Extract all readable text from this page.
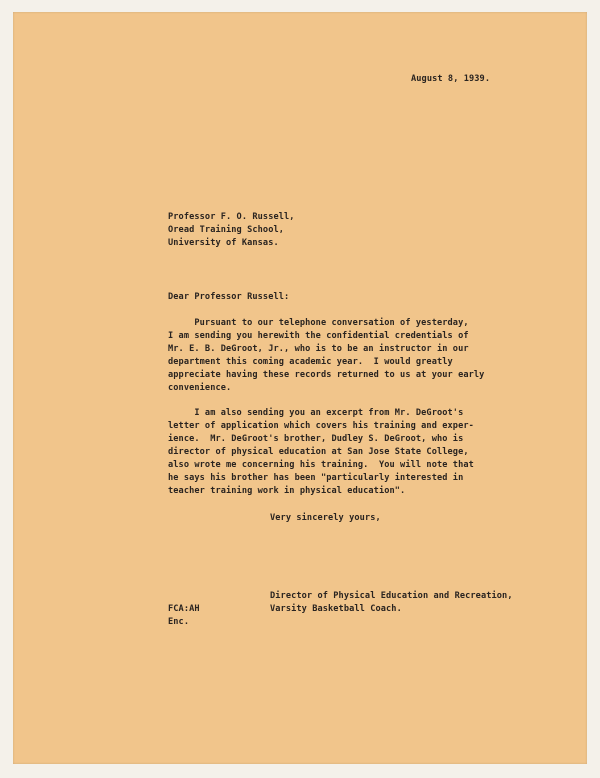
August 8, 1939.
Professor F. O. Russell,
Oread Training School,
University of Kansas.
Dear Professor Russell:
Pursuant to our telephone conversation of yesterday,
I am sending you herewith the confidential credentials of
Mr. E. B. DeGroot, Jr., who is to be an instructor in our
department this coming academic year.  I would greatly
appreciate having these records returned to us at your early
convenience.
I am also sending you an excerpt from Mr. DeGroot's
letter of application which covers his training and exper-
ience.  Mr. DeGroot's brother, Dudley S. DeGroot, who is
director of physical education at San Jose State College,
also wrote me concerning his training.  You will note that
he says his brother has been "particularly interested in
teacher training work in physical education".
Very sincerely yours,
Director of Physical Education and Recreation,
Varsity Basketball Coach.
FCA:AH
Enc.
